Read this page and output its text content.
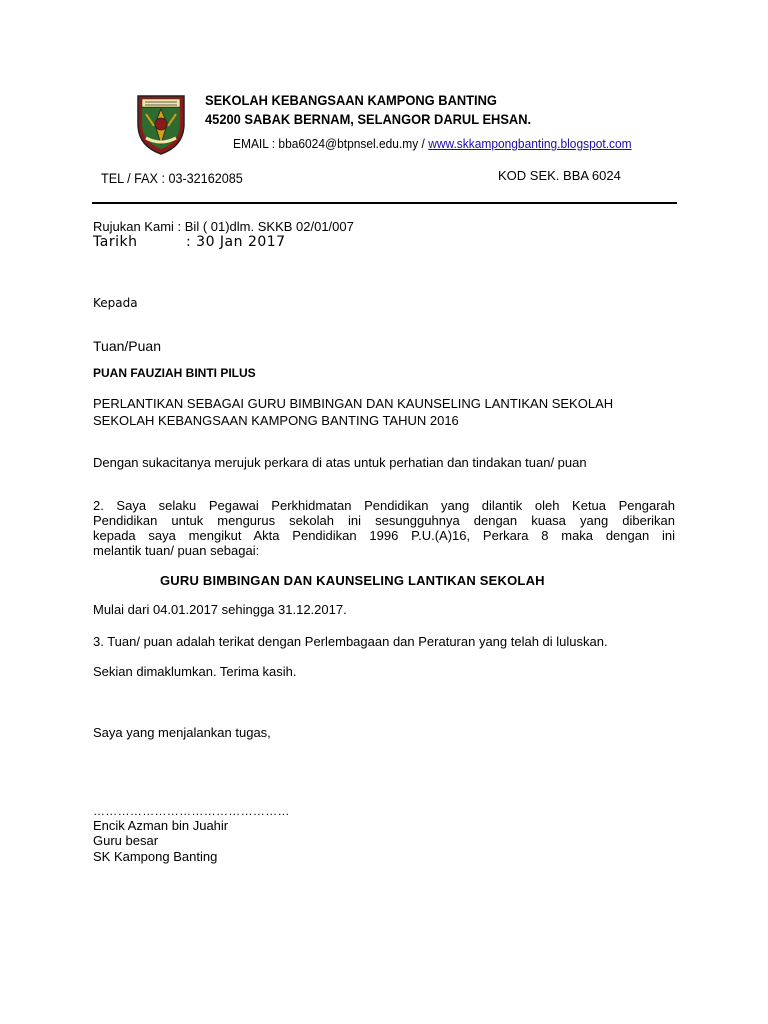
SEKOLAH KEBANGSAAN KAMPONG BANTING
45200 SABAK BERNAM, SELANGOR DARUL EHSAN.
EMAIL : bba6024@btpnsel.edu.my / www.skkampongbanting.blogspot.com
TEL / FAX : 03-32162085	KOD SEK. BBA 6024
Rujukan Kami : Bil ( 01)dlm. SKKB 02/01/007
Tarikh	: 30 Jan 2017
Kepada
Tuan/Puan
PUAN FAUZIAH BINTI PILUS
PERLANTIKAN SEBAGAI GURU BIMBINGAN DAN KAUNSELING LANTIKAN SEKOLAH
SEKOLAH KEBANGSAAN KAMPONG BANTING TAHUN 2016
Dengan sukacitanya merujuk perkara di atas untuk perhatian dan tindakan tuan/ puan
2. Saya selaku Pegawai Perkhidmatan Pendidikan yang dilantik oleh Ketua Pengarah
Pendidikan untuk mengurus sekolah ini sesungguhnya dengan kuasa yang diberikan
kepada saya mengikut Akta Pendidikan 1996 P.U.(A)16, Perkara 8 maka dengan ini
melantik tuan/ puan sebagai:
GURU BIMBINGAN DAN KAUNSELING LANTIKAN SEKOLAH
Mulai dari 04.01.2017 sehingga 31.12.2017.
3. Tuan/ puan adalah terikat dengan Perlembagaan dan Peraturan yang telah di luluskan.
Sekian dimaklumkan. Terima kasih.
Saya yang menjalankan tugas,
…………………………………………
Encik Azman bin Juahir
Guru besar
SK Kampong Banting
